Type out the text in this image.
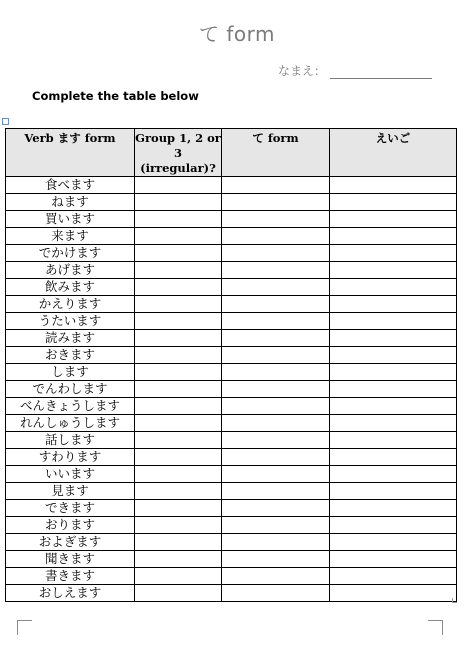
て form
なまえ：
Complete the table below
Verb ます form	Group 1, 2 or 3 (irregular)?	て form	えいご
食べます			
ねます			
買います			
来ます			
でかけます			
あげます			
飲みます			
かえります			
うたいます			
読みます			
おきます			
します			
でんわします			
べんきょうします			
れんしゅうします			
話します			
すわります			
いいます			
見ます			
できます			
おります			
およぎます			
聞きます			
書きます			
おしえます			
